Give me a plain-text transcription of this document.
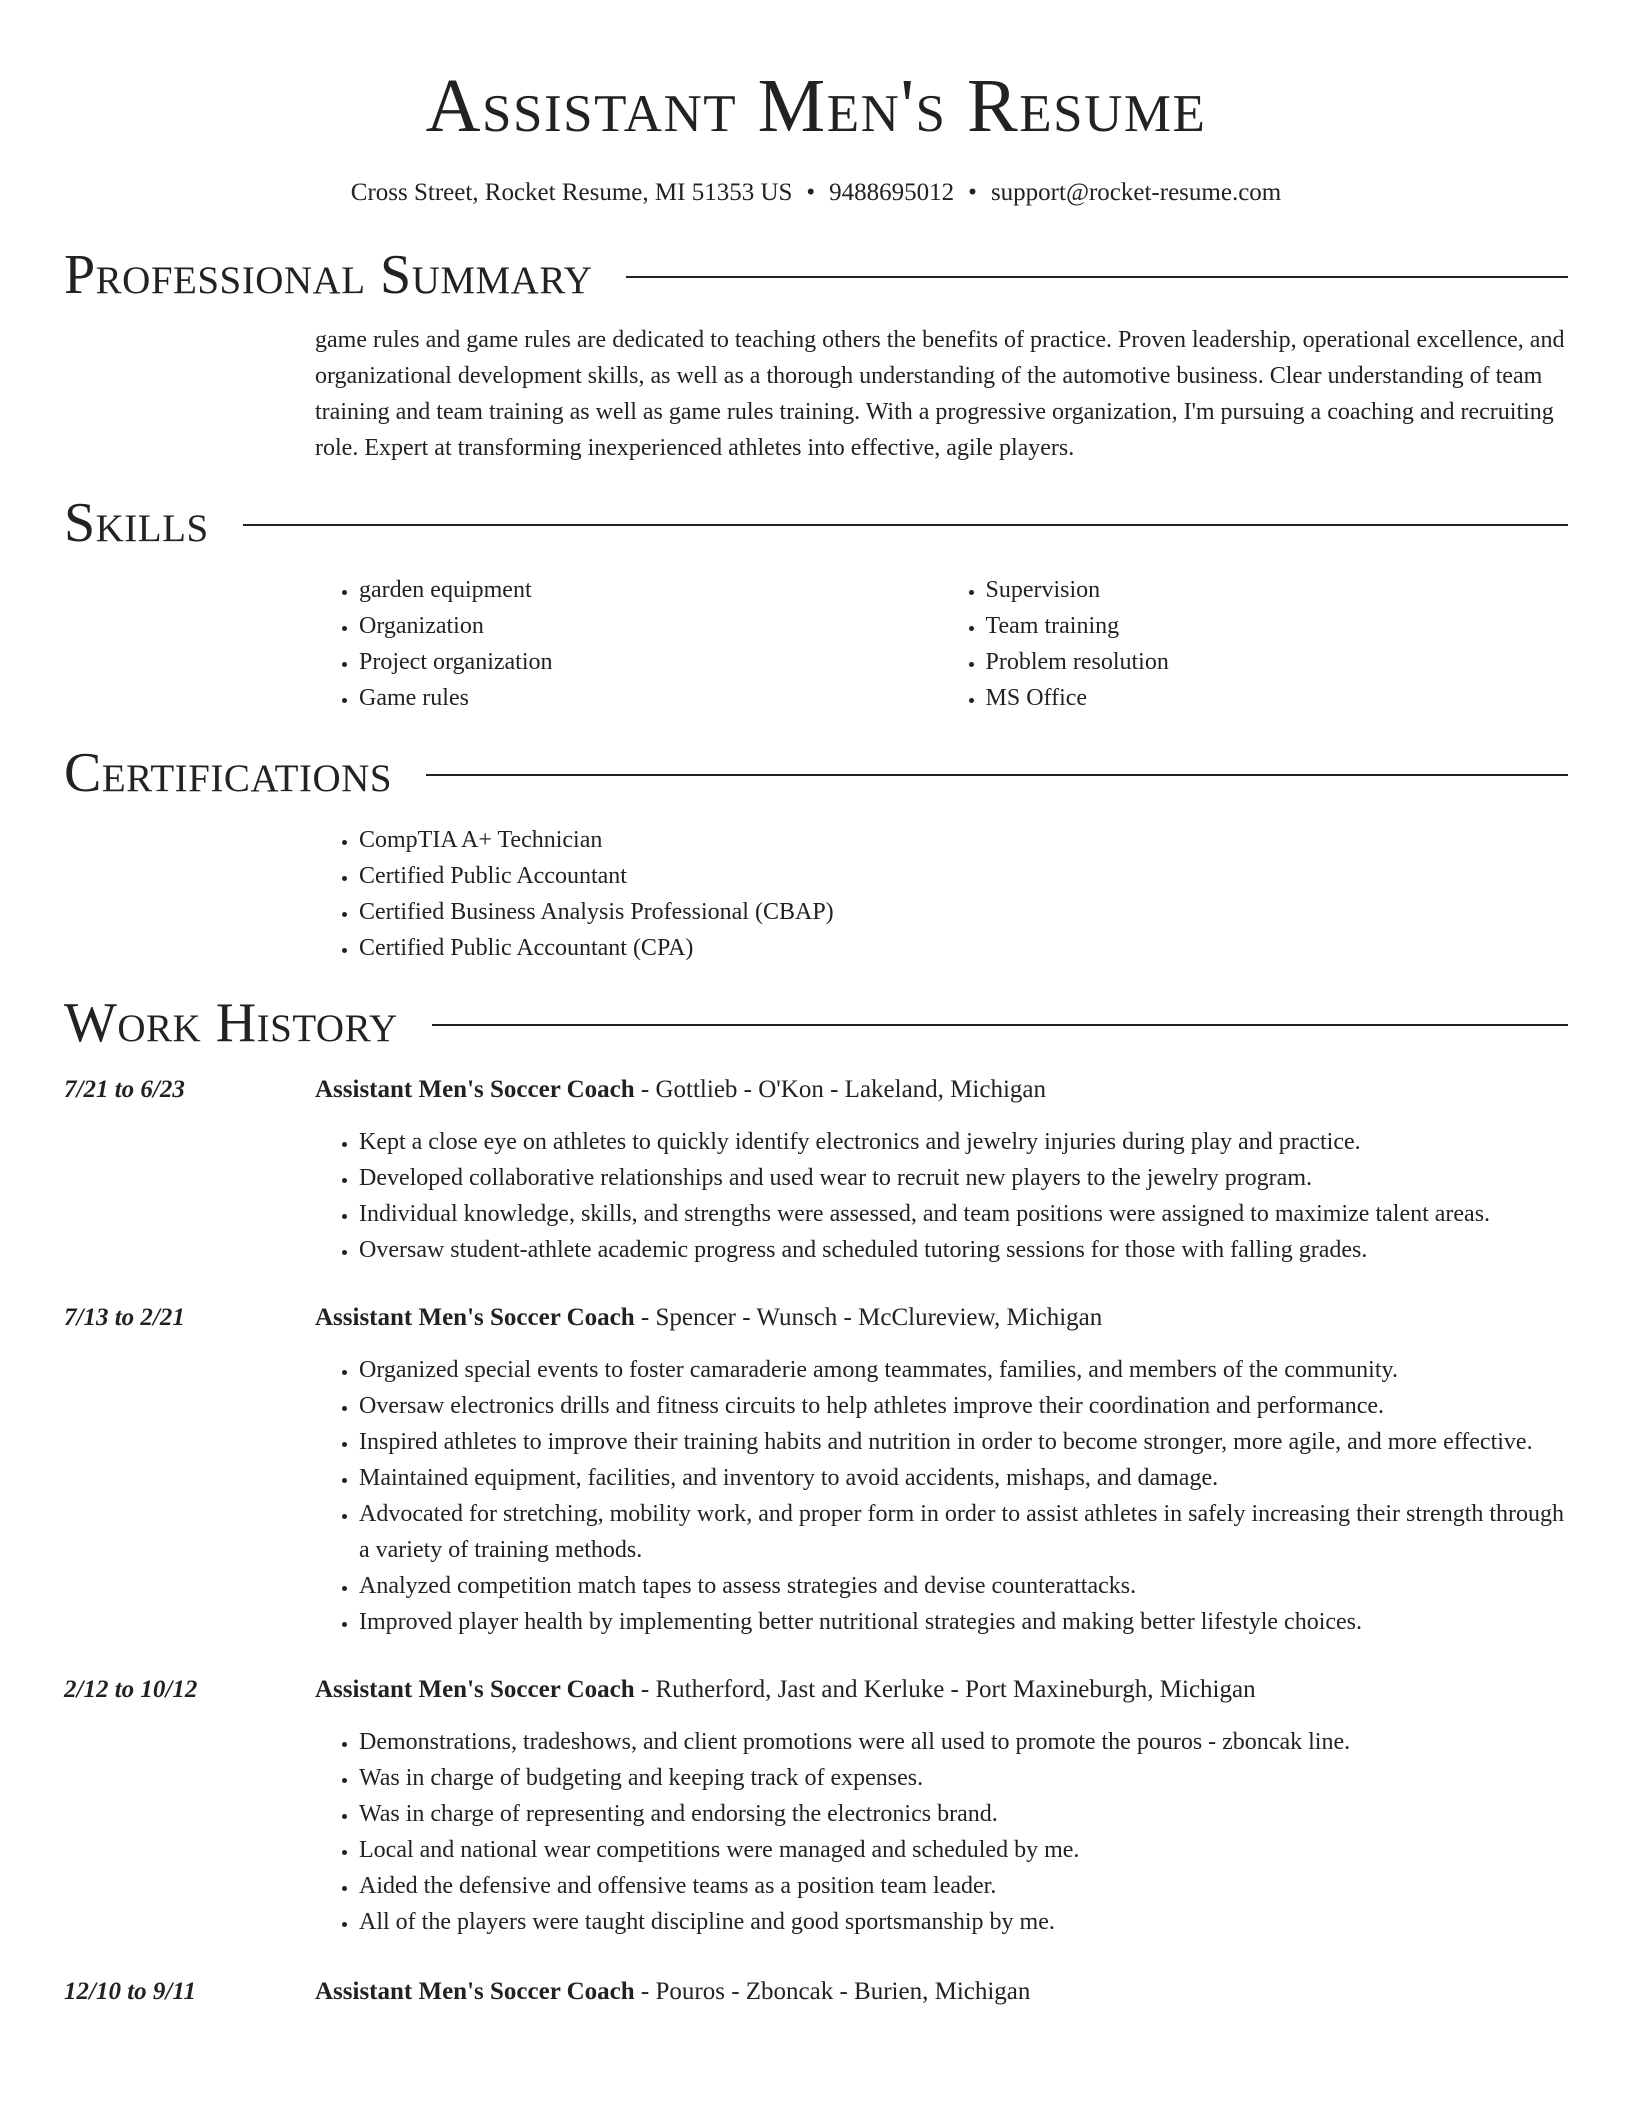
Assistant Men's Resume
Cross Street, Rocket Resume, MI 51353 US • 9488695012 • support@rocket-resume.com
Professional Summary

game rules and game rules are dedicated to teaching others the benefits of practice. Proven leadership, operational excellence, and organizational development skills, as well as a thorough understanding of the automotive business. Clear understanding of team training and team training as well as game rules training. With a progressive organization, I'm pursuing a coaching and recruiting role. Expert at transforming inexperienced athletes into effective, agile players.

Skills
• garden equipment
• Organization
• Project organization
• Game rules
• Supervision
• Team training
• Problem resolution
• MS Office
Certifications
• CompTIA A+ Technician
• Certified Public Accountant
• Certified Business Analysis Professional (CBAP)
• Certified Public Accountant (CPA)
Work History
7/21 to 6/23	Assistant Men's Soccer Coach - Gottlieb - O'Kon - Lakeland, Michigan
• Kept a close eye on athletes to quickly identify electronics and jewelry injuries during play and practice.
• Developed collaborative relationships and used wear to recruit new players to the jewelry program.
• Individual knowledge, skills, and strengths were assessed, and team positions were assigned to maximize talent areas.
• Oversaw student-athlete academic progress and scheduled tutoring sessions for those with falling grades.
7/13 to 2/21	Assistant Men's Soccer Coach - Spencer - Wunsch - McClureview, Michigan
• Organized special events to foster camaraderie among teammates, families, and members of the community.
• Oversaw electronics drills and fitness circuits to help athletes improve their coordination and performance.
• Inspired athletes to improve their training habits and nutrition in order to become stronger, more agile, and more effective.
• Maintained equipment, facilities, and inventory to avoid accidents, mishaps, and damage.
• Advocated for stretching, mobility work, and proper form in order to assist athletes in safely increasing their strength through a variety of training methods.
• Analyzed competition match tapes to assess strategies and devise counterattacks.
• Improved player health by implementing better nutritional strategies and making better lifestyle choices.
2/12 to 10/12	Assistant Men's Soccer Coach - Rutherford, Jast and Kerluke - Port Maxineburgh, Michigan
• Demonstrations, tradeshows, and client promotions were all used to promote the pouros - zboncak line.
• Was in charge of budgeting and keeping track of expenses.
• Was in charge of representing and endorsing the electronics brand.
• Local and national wear competitions were managed and scheduled by me.
• Aided the defensive and offensive teams as a position team leader.
• All of the players were taught discipline and good sportsmanship by me.
12/10 to 9/11	Assistant Men's Soccer Coach - Pouros - Zboncak - Burien, Michigan
